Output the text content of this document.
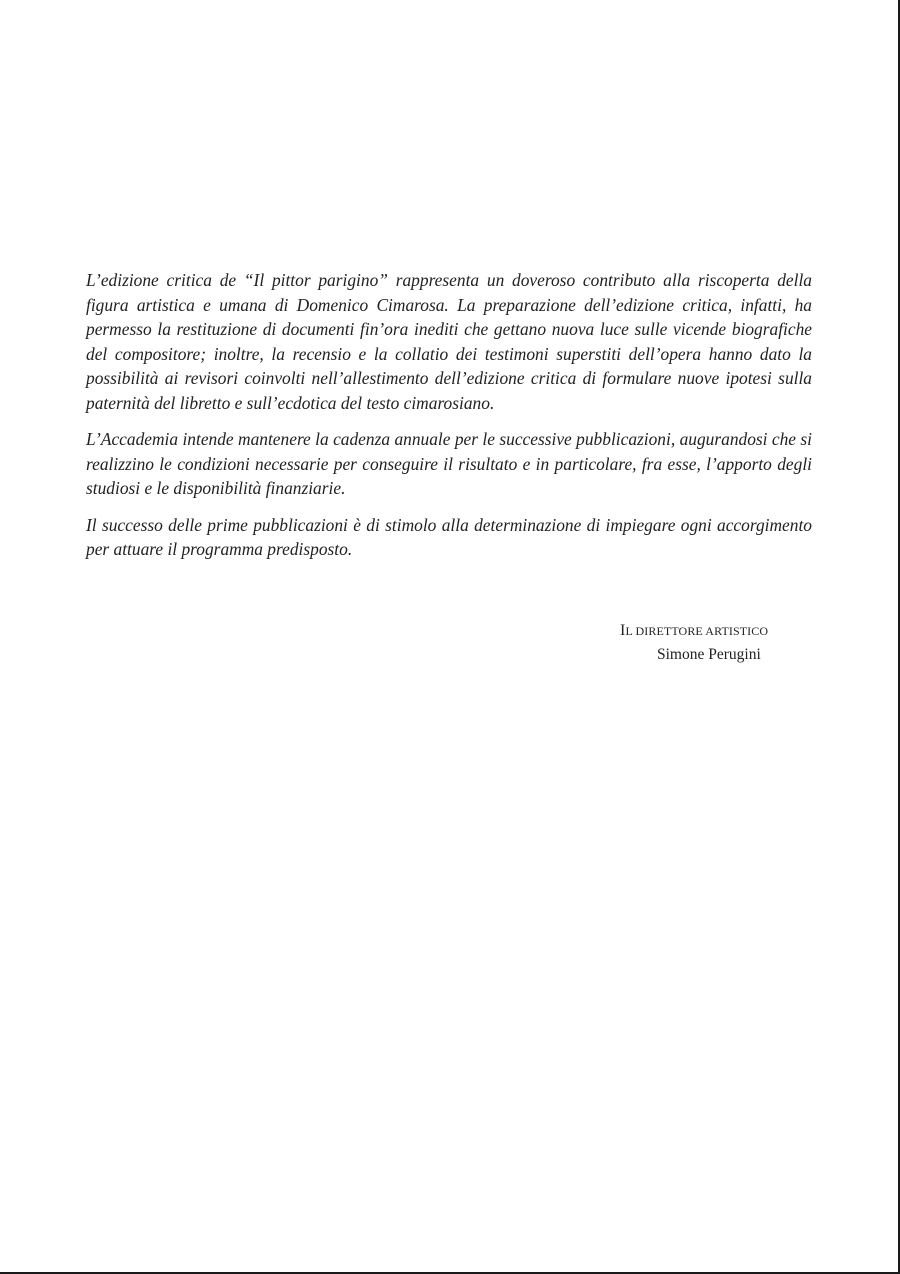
L’edizione critica de “Il pittor parigino” rappresenta un doveroso contributo alla riscoperta della figura artistica e umana di Domenico Cimarosa. La preparazione dell’edizione critica, infatti, ha permesso la restituzione di documenti fin’ora inediti che gettano nuova luce sulle vicende biografiche del compositore; inoltre, la recensio e la collatio dei testimoni superstiti dell’opera hanno dato la possibilità ai revisori coinvolti nell’allestimento dell’edizione critica di formulare nuove ipotesi sulla paternità del libretto e sull’ecdotica del testo cimarosiano.

L’Accademia intende mantenere la cadenza annuale per le successive pubblicazioni, augurandosi che si realizzino le condizioni necessarie per conseguire il risultato e in particolare, fra esse, l’apporto degli studiosi e le disponibilità finanziarie.

Il successo delle prime pubblicazioni è di stimolo alla determinazione di impiegare ogni accorgimento per attuare il programma predisposto.

IL DIRETTORE ARTISTICO
Simone Perugini
